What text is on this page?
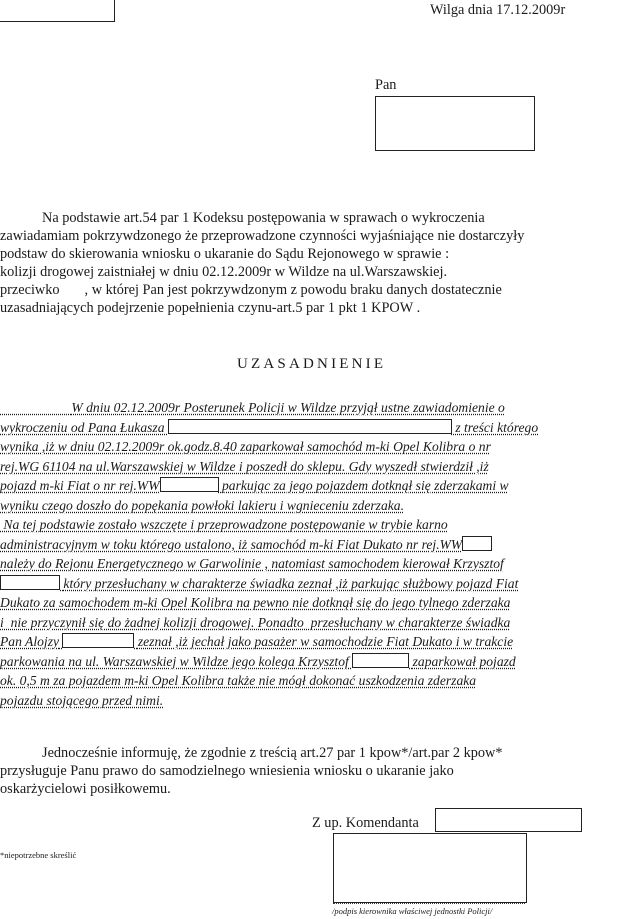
Wilga dnia 17.12.2009r
Pan
Na podstawie art.54 par 1 Kodeksu postępowania w sprawach o wykroczenia
zawiadamiam pokrzywdzonego że przeprowadzone czynności wyjaśniające nie dostarczyły
podstaw do skierowania wniosku o ukaranie do Sądu Rejonowego w sprawie :
kolizji drogowej zaistniałej w dniu 02.12.2009r w Wildze na ul.Warszawskiej.
przeciwko       , w której Pan jest pokrzywdzonym z powodu braku danych dostatecznie
uzasadniających podejrzenie popełnienia czynu-art.5 par 1 pkt 1 KPOW .
UZASADNIENIE
W dniu 02.12.2009r Posterunek Policji w Wildze przyjął ustne zawiadomienie o
wykroczeniu od Pana Łukasza	z treści którego
wynika ,iż w dniu 02.12.2009r ok.godz.8.40 zaparkował samochód m-ki Opel Kolibra o nr
rej.WG 61104 na ul.Warszawskiej w Wildze i poszedł do sklepu. Gdy wyszedł stwierdził ,iż
pojazd m-ki Fiat o nr rej.WW	parkując za jego pojazdem dotknął się zderzakami w
wyniku czego doszło do popękania powłoki lakieru i wgnieceniu zderzaka.
Na tej podstawie zostało wszczęte i przeprowadzone postępowanie w trybie karno
administracyjnym w toku którego ustalono, iż samochód m-ki Fiat Dukato nr rej.WW
należy do Rejonu Energetycznego w Garwolinie , natomiast samochodem kierował Krzysztof
który przesłuchany w charakterze świadka zeznał ,iż parkując służbowy pojazd Fiat
Dukato za samochodem m-ki Opel Kolibra na pewno nie dotknął się do jego tylnego zderzaka
i  nie przyczynił się do żadnej kolizji drogowej. Ponadto  przesłuchany w charakterze świadka
Pan Alojzy	zeznał ,iż jechał jako pasażer w samochodzie Fiat Dukato i w trakcie
parkowania na ul. Warszawskiej w Wildze jego kolega Krzysztof	zaparkował pojazd
ok. 0,5 m za pojazdem m-ki Opel Kolibra także nie mógł dokonać uszkodzenia zderzaka
pojazdu stojącego przed nimi.
Jednocześnie informuję, że zgodnie z treścią art.27 par 1 kpow*/art.par 2 kpow*
przysługuje Panu prawo do samodzielnego wniesienia wniosku o ukaranie jako
oskarżycielowi posiłkowemu.
Z up. Komendanta
/podpis kierownika właściwej jednostki Policji/
*niepotrzebne skreślić
